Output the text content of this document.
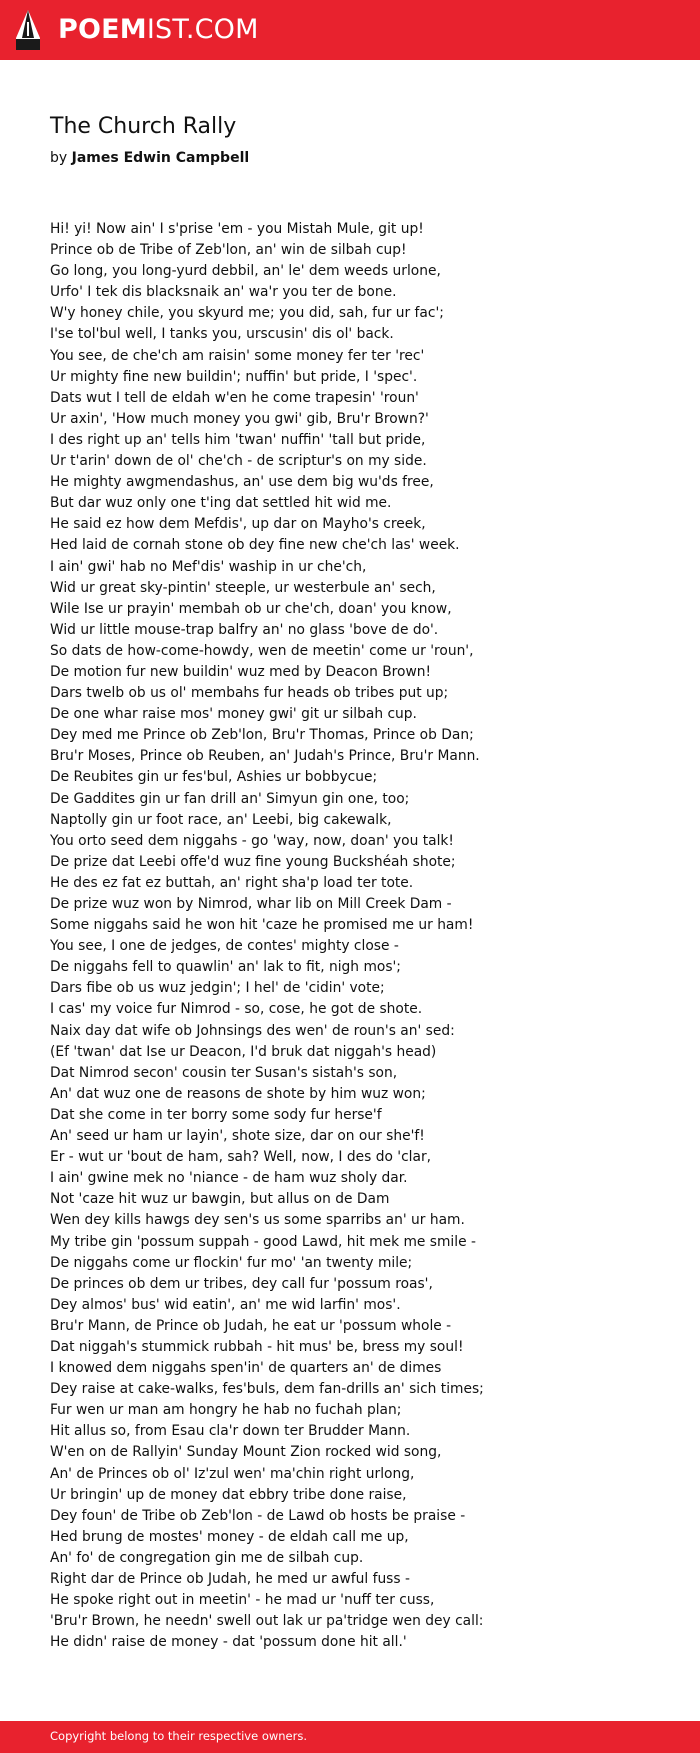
POEMIST.COM
The Church Rally
by James Edwin Campbell
Hi! yi! Now ain' I s'prise 'em - you Mistah Mule, git up!
Prince ob de Tribe of Zeb'lon, an' win de silbah cup!
Go long, you long-yurd debbil, an' le' dem weeds urlone,
Urfo' I tek dis blacksnaik an' wa'r you ter de bone.
W'y honey chile, you skyurd me; you did, sah, fur ur fac';
I'se tol'bul well, I tanks you, urscusin' dis ol' back.
You see, de che'ch am raisin' some money fer ter 'rec'
Ur mighty fine new buildin'; nuffin' but pride, I 'spec'.
Dats wut I tell de eldah w'en he come trapesin' 'roun'
Ur axin', 'How much money you gwi' gib, Bru'r Brown?'
I des right up an' tells him 'twan' nuffin' 'tall but pride,
Ur t'arin' down de ol' che'ch - de scriptur's on my side.
He mighty awgmendashus, an' use dem big wu'ds free,
But dar wuz only one t'ing dat settled hit wid me.
He said ez how dem Mefdis', up dar on Mayho's creek,
Hed laid de cornah stone ob dey fine new che'ch las' week.
I ain' gwi' hab no Mef'dis' waship in ur che'ch,
Wid ur great sky-pintin' steeple, ur westerbule an' sech,
Wile Ise ur prayin' membah ob ur che'ch, doan' you know,
Wid ur little mouse-trap balfry an' no glass 'bove de do'.
So dats de how-come-howdy, wen de meetin' come ur 'roun',
De motion fur new buildin' wuz med by Deacon Brown!
Dars twelb ob us ol' membahs fur heads ob tribes put up;
De one whar raise mos' money gwi' git ur silbah cup.
Dey med me Prince ob Zeb'lon, Bru'r Thomas, Prince ob Dan;
Bru'r Moses, Prince ob Reuben, an' Judah's Prince, Bru'r Mann.
De Reubites gin ur fes'bul, Ashies ur bobbycue;
De Gaddites gin ur fan drill an' Simyun gin one, too;
Naptolly gin ur foot race, an' Leebi, big cakewalk,
You orto seed dem niggahs - go 'way, now, doan' you talk!
De prize dat Leebi offe'd wuz fine young Buckshéah shote;
He des ez fat ez buttah, an' right sha'p load ter tote.
De prize wuz won by Nimrod, whar lib on Mill Creek Dam -
Some niggahs said he won hit 'caze he promised me ur ham!
You see, I one de jedges, de contes' mighty close -
De niggahs fell to quawlin' an' lak to fit, nigh mos';
Dars fibe ob us wuz jedgin'; I hel' de 'cidin' vote;
I cas' my voice fur Nimrod - so, cose, he got de shote.
Naix day dat wife ob Johnsings des wen' de roun's an' sed:
(Ef 'twan' dat Ise ur Deacon, I'd bruk dat niggah's head)
Dat Nimrod secon' cousin ter Susan's sistah's son,
An' dat wuz one de reasons de shote by him wuz won;
Dat she come in ter borry some sody fur herse'f
An' seed ur ham ur layin', shote size, dar on our she'f!
Er - wut ur 'bout de ham, sah? Well, now, I des do 'clar,
I ain' gwine mek no 'niance - de ham wuz sholy dar.
Not 'caze hit wuz ur bawgin, but allus on de Dam
Wen dey kills hawgs dey sen's us some sparribs an' ur ham.
My tribe gin 'possum suppah - good Lawd, hit mek me smile -
De niggahs come ur flockin' fur mo' 'an twenty mile;
De princes ob dem ur tribes, dey call fur 'possum roas',
Dey almos' bus' wid eatin', an' me wid larfin' mos'.
Bru'r Mann, de Prince ob Judah, he eat ur 'possum whole -
Dat niggah's stummick rubbah - hit mus' be, bress my soul!
I knowed dem niggahs spen'in' de quarters an' de dimes
Dey raise at cake-walks, fes'buls, dem fan-drills an' sich times;
Fur wen ur man am hongry he hab no fuchah plan;
Hit allus so, from Esau cla'r down ter Brudder Mann.
W'en on de Rallyin' Sunday Mount Zion rocked wid song,
An' de Princes ob ol' Iz'zul wen' ma'chin right urlong,
Ur bringin' up de money dat ebbry tribe done raise,
Dey foun' de Tribe ob Zeb'lon - de Lawd ob hosts be praise -
Hed brung de mostes' money - de eldah call me up,
An' fo' de congregation gin me de silbah cup.
Right dar de Prince ob Judah, he med ur awful fuss -
He spoke right out in meetin' - he mad ur 'nuff ter cuss,
'Bru'r Brown, he needn' swell out lak ur pa'tridge wen dey call:
He didn' raise de money - dat 'possum done hit all.'
Copyright belong to their respective owners.
